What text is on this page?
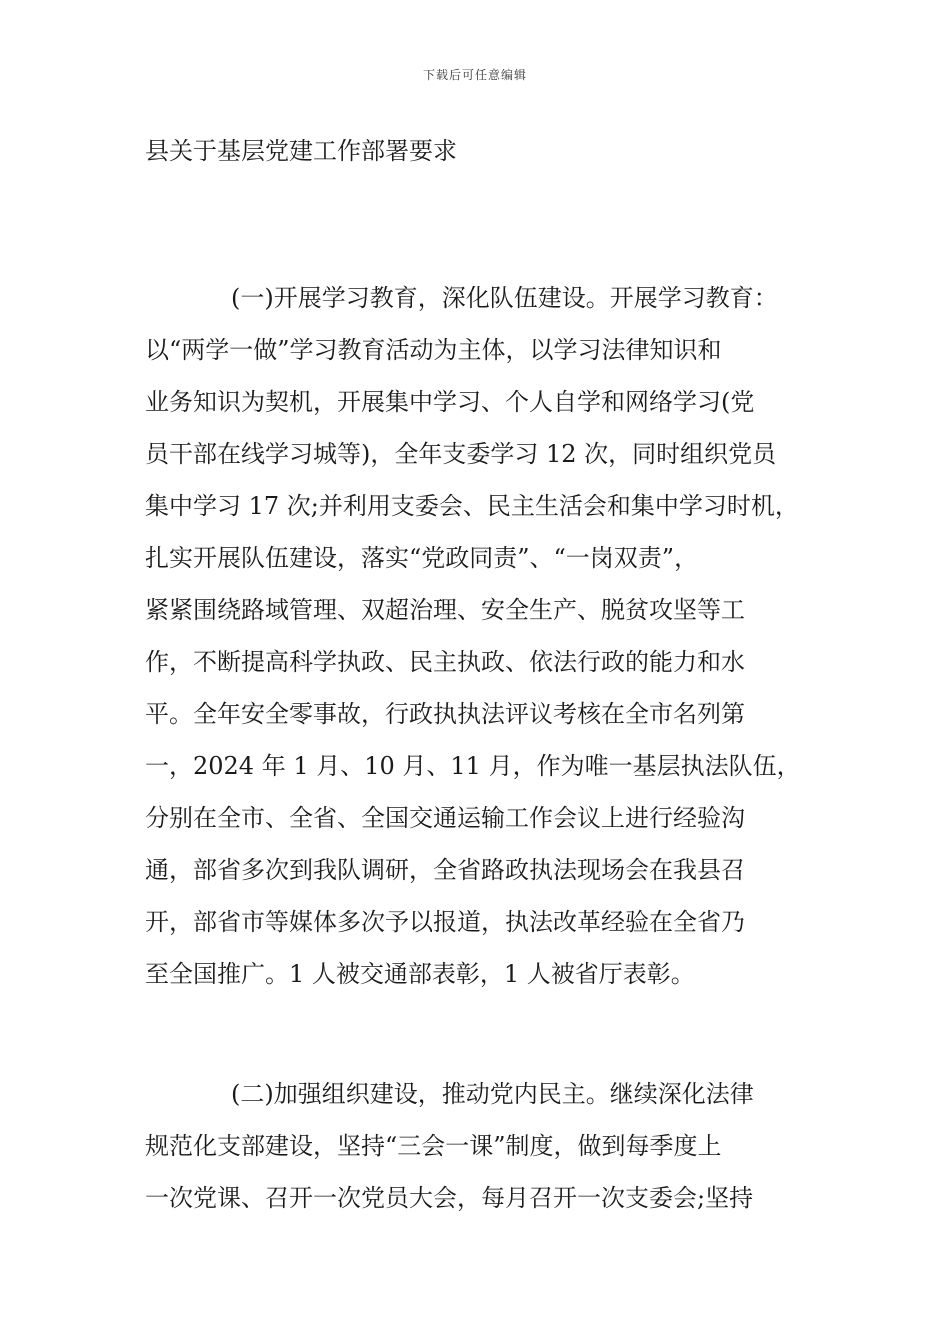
下载后可任意编辑
县关于基层党建工作部署要求
(一)开展学习教育，深化队伍建设。开展学习教育：
以“两学一做”学习教育活动为主体，以学习法律知识和
业务知识为契机，开展集中学习、个人自学和网络学习(党
员干部在线学习城等)，全年支委学习 12 次，同时组织党员
集中学习 17 次;并利用支委会、民主生活会和集中学习时机，
扎实开展队伍建设，落实“党政同责”、“一岗双责”，
紧紧围绕路域管理、双超治理、安全生产、脱贫攻坚等工
作，不断提高科学执政、民主执政、依法行政的能力和水
平。全年安全零事故，行政执执法评议考核在全市名列第
一，2024 年 1 月、10 月、11 月，作为唯一基层执法队伍，
分别在全市、全省、全国交通运输工作会议上进行经验沟
通，部省多次到我队调研，全省路政执法现场会在我县召
开，部省市等媒体多次予以报道，执法改革经验在全省乃
至全国推广。1 人被交通部表彰，1 人被省厅表彰。
(二)加强组织建设，推动党内民主。继续深化法律
规范化支部建设，坚持“三会一课”制度，做到每季度上
一次党课、召开一次党员大会，每月召开一次支委会;坚持
